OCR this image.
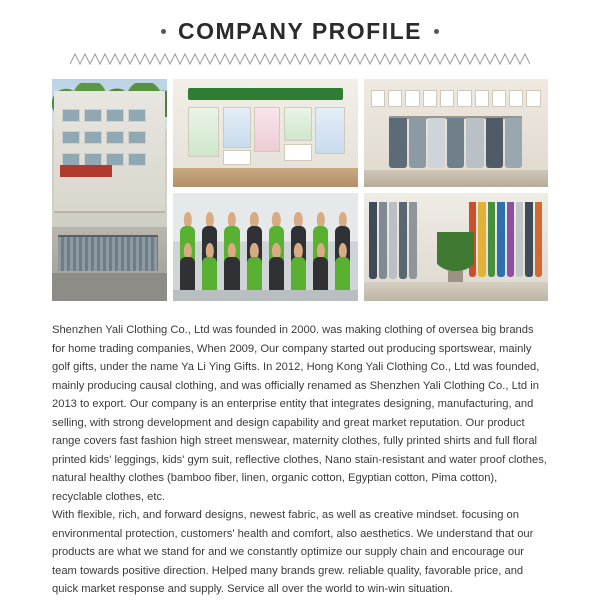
COMPANY PROFILE

Shenzhen Yali Clothing Co., Ltd was founded in 2000. was making clothing of oversea big brands for home trading companies, When 2009, Our company started out producing sportswear, mainly golf gifts, under the name Ya Li Ying Gifts. In 2012, Hong Kong Yali Clothing Co., Ltd was founded, mainly producing causal clothing, and was officially renamed as Shenzhen Yali Clothing Co., Ltd in 2013 to export. Our company is an enterprise entity that integrates designing, manufacturing, and selling, with strong development and design capability and great market reputation. Our product range covers fast fashion high street menswear, maternity clothes, fully printed shirts and full floral printed kids' leggings, kids' gym suit, reflective clothes, Nano stain-resistant and water proof clothes, natural healthy clothes (bamboo fiber, linen, organic cotton, Egyptian cotton, Pima cotton), recyclable clothes, etc.

With flexible, rich, and forward designs, newest fabric, as well as creative mindset. focusing on environmental protection, customers' health and comfort, also aesthetics. We understand that our products are what we stand for and we constantly optimize our supply chain and encourage our team towards positive direction. Helped many brands grew. reliable quality, favorable price, and quick market response and supply. Service all over the world to win-win situation.
